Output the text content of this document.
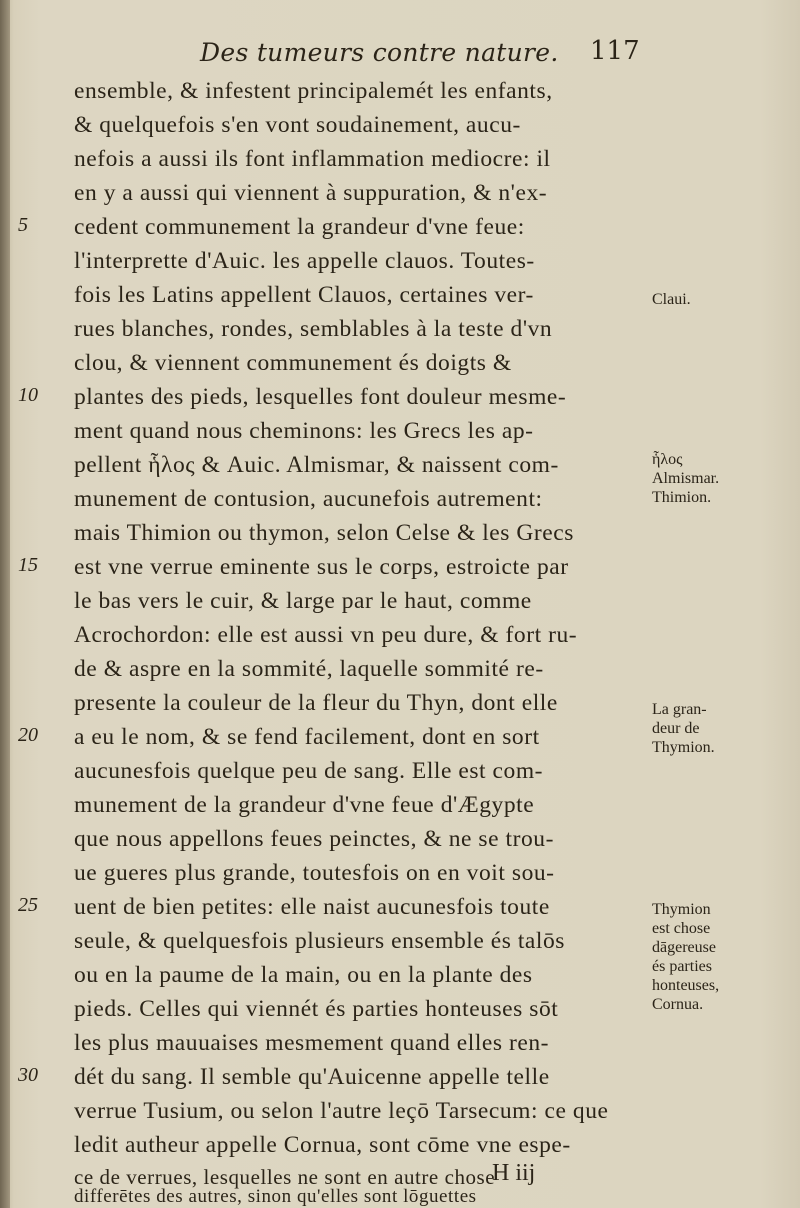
Des tumeurs contre nature. 117
ensemble, & infestent principalemét les enfants,
& quelquefois s'en vont soudainement, aucu-
nefois a aussi ils font inflammation mediocre: il
en y a aussi qui viennent à suppuration, & n'ex-
cedent communement la grandeur d'vne feue:
l'interprette d'Auic. les appelle clauos. Toutes-
fois les Latins appellent Clauos, certaines ver-
rues blanches, rondes, semblables à la teste d'vn
clou, & viennent communement és doigts &
plantes des pieds, lesquelles font douleur mesme-
ment quand nous cheminons: les Grecs les ap-
pellent ἧλος & Auic. Almismar, & naissent com-
munement de contusion, aucunefois autrement:
mais Thimion ou thymon, selon Celse & les Grecs
est vne verrue eminente sus le corps, estroicte par
le bas vers le cuir, & large par le haut, comme
Acrochordon: elle est aussi vn peu dure, & fort ru-
de & aspre en la sommité, laquelle sommité re-
presente la couleur de la fleur du Thyn, dont elle
a eu le nom, & se fend facilement, dont en sort
aucunesfois quelque peu de sang. Elle est com-
munement de la grandeur d'vne feue d'Ægypte
que nous appellons feues peinctes, & ne se trou-
ue gueres plus grande, toutesfois on en voit sou-
uent de bien petites: elle naist aucunesfois toute
seule, & quelquesfois plusieurs ensemble és talōs
ou en la paume de la main, ou en la plante des
pieds. Celles qui viennét és parties honteuses sōt
les plus mauuaises mesmement quand elles ren-
dét du sang. Il semble qu'Auicenne appelle telle
verrue Tusium, ou selon l'autre leçō Tarsecum: ce que
ledit autheur appelle Cornua, sont cōme vne espe-
ce de verrues, lesquelles ne sont en autre chose
differētes des autres, sinon qu'elles sont lōguettes
5
10
15
20
25
30
Claui.
ἧλος
Almismar.
Thimion.
La gran-
deur de
Thymion.
Thymion
est chose
dāgereuse
és parties
honteuses,
Cornua.
H iij
